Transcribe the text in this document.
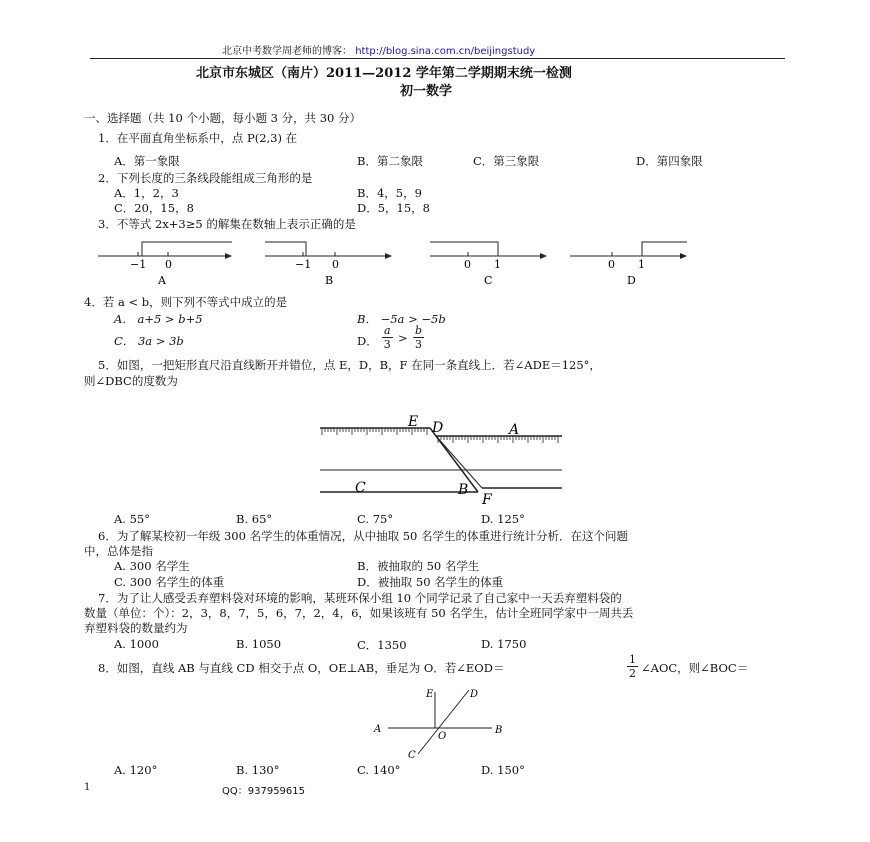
北京中考数学周老师的博客： http://blog.sina.com.cn/beijingstudy
北京市东城区（南片）2011—2012 学年第二学期期末统一检测
初一数学
一、选择题（共 10 个小题，每小题 3 分，共 30 分）
1．在平面直角坐标系中，点 P(2,3) 在
A．第一象限	B．第二象限	C．第三象限	D．第四象限
2．下列长度的三条线段能组成三角形的是
A．1，2，3	B．4，5，9
C．20，15，8	D．5，15，8
3．不等式 2x+3≥5 的解集在数轴上表示正确的是
−1 0
A
−1 0
B
0 1
C
0 1
D
4．若 a < b，则下列不等式中成立的是
A． a+5 > b+5	B． −5a > −5b
C． 3a > 3b	D．
a
3 >
b
3
5．如图，一把矩形直尺沿直线断开并错位，点 E，D，B，F 在同一条直线上．若∠ADE＝125°，
则∠DBC的度数为
E D	A
C	B
F
A. 55°	B. 65°	C. 75°	D. 125°
6．为了解某校初一年级 300 名学生的体重情况，从中抽取 50 名学生的体重进行统计分析．在这个问题
中，总体是指
A. 300 名学生	B．被抽取的 50 名学生
C. 300 名学生的体重	D．被抽取 50 名学生的体重
7．为了让人感受丢弃塑料袋对环境的影响，某班环保小组 10 个同学记录了自己家中一天丢弃塑料袋的
数量（单位：个）：2，3，8，7，5，6，7，2，4，6，如果该班有 50 名学生，估计全班同学家中一周共丢
弃塑料袋的数量约为
A. 1000	B. 1050	C．1350	D. 1750
8．如图，直线 AB 与直线 CD 相交于点 O，OE⊥AB，垂足为 O．若∠EOD＝
1
2 ∠AOC，则∠BOC＝
E	D
A	B
C
O
A. 120°	B. 130°	C. 140°	D. 150°
1	QQ：937959615
